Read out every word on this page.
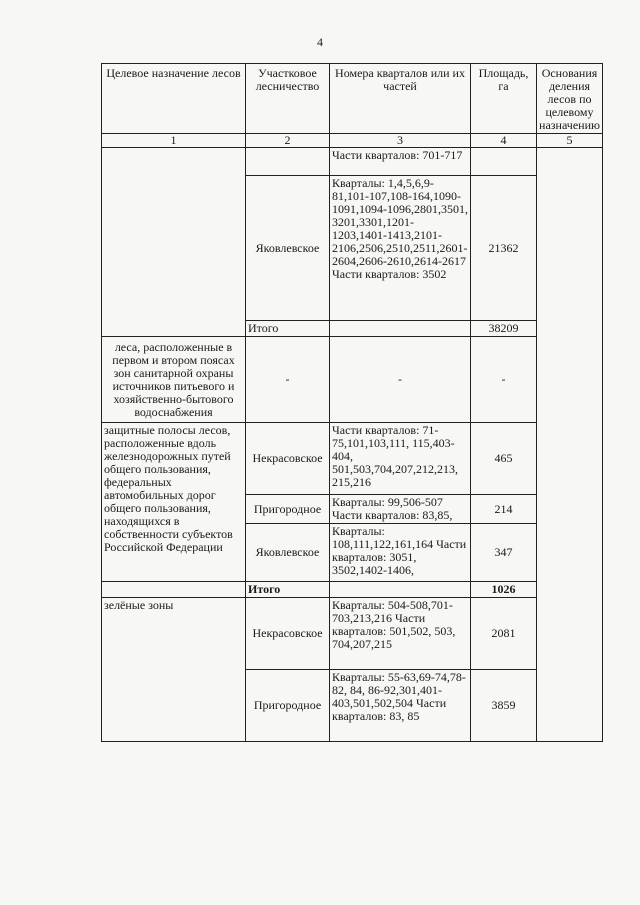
4
Целевое назначение лесов	Участковое лесничество	Номера кварталов или их частей	Площадь, га	Основания деления лесов по целевому назначению
1	2	3	4	5
		Части кварталов: 701-717		
	Яковлевское	Кварталы: 1,4,5,6,9-81,101-107,108-164,1090-1091,1094-1096,2801,3501, 3201,3301,1201-1203,1401-1413,2101-2106,2506,2510,2511,2601-2604,2606-2610,2614-2617 Части кварталов: 3502	21362	
	Итого		38209	
леса, расположенные в первом и втором поясах зон санитарной охраны источников питьевого и хозяйственно-бытового водоснабжения	-	-	-	
защитные полосы лесов, расположенные вдоль железнодорожных путей общего пользования, федеральных автомобильных дорог общего пользования, находящихся в собственности субъектов Российской Федерации	Некрасовское	Части кварталов: 71-75,101,103,111, 115,403-404, 501,503,704,207,212,213, 215,216	465	
	Пригородное	Кварталы: 99,506-507 Части кварталов: 83,85,	214	
	Яковлевское	Кварталы: 108,111,122,161,164 Части кварталов: 3051, 3502,1402-1406,	347	
	Итого		1026	
зелёные зоны	Некрасовское	Кварталы: 504-508,701-703,213,216 Части кварталов: 501,502, 503, 704,207,215	2081	
	Пригородное	Кварталы: 55-63,69-74,78-82, 84, 86-92,301,401-403,501,502,504 Части кварталов: 83, 85	3859	
